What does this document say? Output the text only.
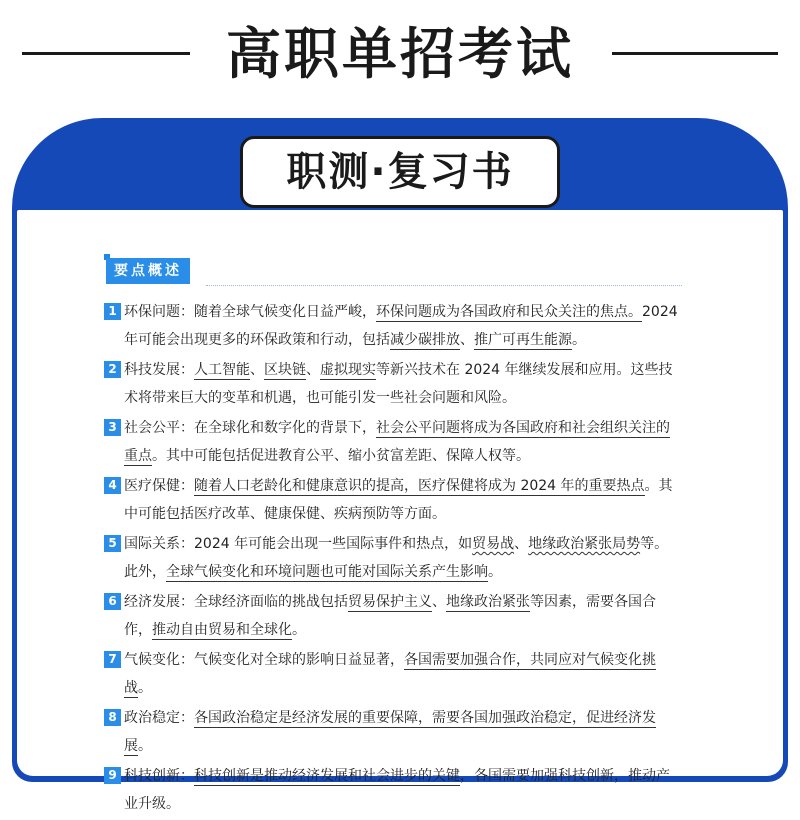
高职单招考试
职测·复习书
要点概述
1 环保问题：随着全球气候变化日益严峻，环保问题成为各国政府和民众关注的焦点。2024年可能会出现更多的环保政策和行动，包括减少碳排放、推广可再生能源。
2 科技发展：人工智能、区块链、虚拟现实等新兴技术在 2024 年继续发展和应用。这些技术将带来巨大的变革和机遇，也可能引发一些社会问题和风险。
3 社会公平：在全球化和数字化的背景下，社会公平问题将成为各国政府和社会组织关注的重点。其中可能包括促进教育公平、缩小贫富差距、保障人权等。
4 医疗保健：随着人口老龄化和健康意识的提高，医疗保健将成为 2024 年的重要热点。其中可能包括医疗改革、健康保健、疾病预防等方面。
5 国际关系：2024 年可能会出现一些国际事件和热点，如贸易战、地缘政治紧张局势等。此外，全球气候变化和环境问题也可能对国际关系产生影响。
6 经济发展：全球经济面临的挑战包括贸易保护主义、地缘政治紧张等因素，需要各国合作，推动自由贸易和全球化。
7 气候变化：气候变化对全球的影响日益显著，各国需要加强合作，共同应对气候变化挑战。
8 政治稳定：各国政治稳定是经济发展的重要保障，需要各国加强政治稳定，促进经济发展。
9 科技创新：科技创新是推动经济发展和社会进步的关键，各国需要加强科技创新，推动产业升级。
